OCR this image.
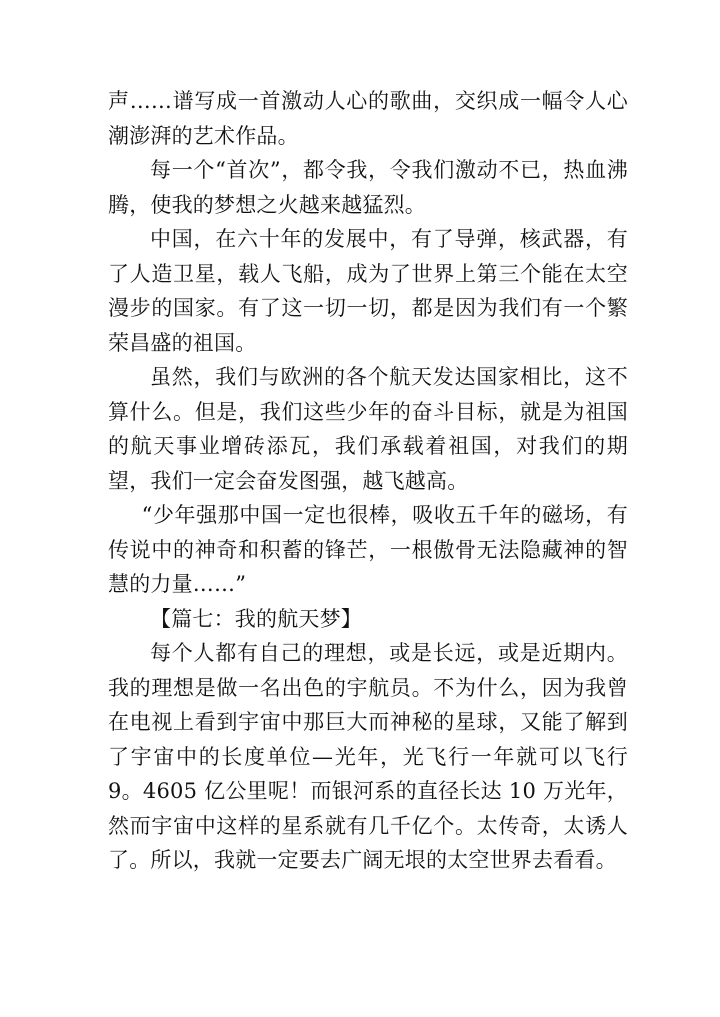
声……谱写成一首激动人心的歌曲，交织成一幅令人心潮澎湃的艺术作品。

每一个“首次”，都令我，令我们激动不已，热血沸腾，使我的梦想之火越来越猛烈。

中国，在六十年的发展中，有了导弹，核武器，有了人造卫星，载人飞船，成为了世界上第三个能在太空漫步的国家。有了这一切一切，都是因为我们有一个繁荣昌盛的祖国。

虽然，我们与欧洲的各个航天发达国家相比，这不算什么。但是，我们这些少年的奋斗目标，就是为祖国的航天事业增砖添瓦，我们承载着祖国，对我们的期望，我们一定会奋发图强，越飞越高。

“少年强那中国一定也很棒，吸收五千年的磁场，有传说中的神奇和积蓄的锋芒，一根傲骨无法隐藏神的智慧的力量……”

【篇七：我的航天梦】

每个人都有自己的理想，或是长远，或是近期内。我的理想是做一名出色的宇航员。不为什么，因为我曾在电视上看到宇宙中那巨大而神秘的星球，又能了解到了宇宙中的长度单位—光年，光飞行一年就可以飞行 9。4605 亿公里呢！而银河系的直径长达 10 万光年，然而宇宙中这样的星系就有几千亿个。太传奇，太诱人了。所以，我就一定要去广阔无垠的太空世界去看看。
